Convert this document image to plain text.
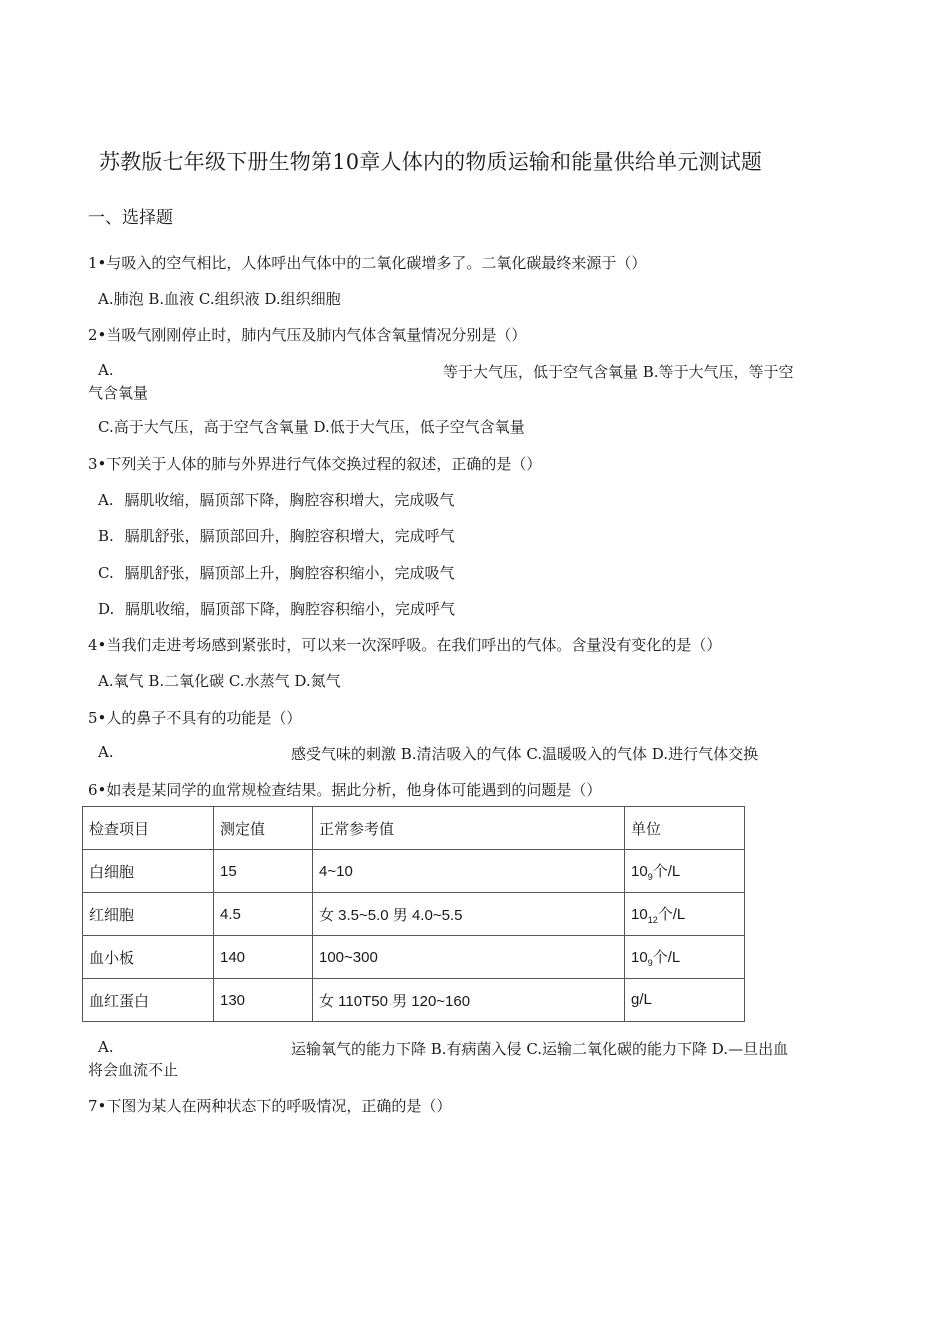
苏教版七年级下册生物第10章人体内的物质运输和能量供给单元测试题
一、选择题
1•与吸入的空气相比，人体呼出气体中的二氧化碳增多了。二氧化碳最终来源于（）
A.肺泡 B.血液 C.组织液 D.组织细胞
2•当吸气刚刚停止时，肺内气压及肺内气体含氧量情况分别是（）
A.	等于大气压，低于空气含氧量 B.等于大气压，等于空
气含氧量
C.高于大气压，高于空气含氧量 D.低于大气压，低子空气含氧量
3•下列关于人体的肺与外界进行气体交换过程的叙述，正确的是（）
A. 膈肌收缩，膈顶部下降，胸腔容积增大，完成吸气
B. 膈肌舒张，膈顶部回升，胸腔容积增大，完成呼气
C. 膈肌舒张，膈顶部上升，胸腔容积缩小，完成吸气
D. 膈肌收缩，膈顶部下降，胸腔容积缩小，完成呼气
4•当我们走进考场感到紧张时，可以来一次深呼吸。在我们呼出的气体。含量没有变化的是（）
A.氧气 B.二氧化碳 C.水蒸气 D.氮气
5•人的鼻子不具有的功能是（）
A.	感受气味的刺激 B.清洁吸入的气体 C.温暖吸入的气体 D.进行气体交换
6•如表是某同学的血常规检查结果。据此分析，他身体可能遇到的问题是（）
检查项目	测定值	正常参考值	单位
白细胞	15	4~10	$10_9$个/L
红细胞	4.5	女 3.5~5.0 男 4.0~5.5	$10_{12}$个/L
血小板	140	100~300	$10_9$个/L
血红蛋白	130	女 110T50 男 120~160	g/L
A.	运输氧气的能力下降 B.有病菌入侵 C.运输二氧化碳的能力下降 D.—旦出血
将会血流不止
7•下图为某人在两种状态下的呼吸情况，正确的是（）
